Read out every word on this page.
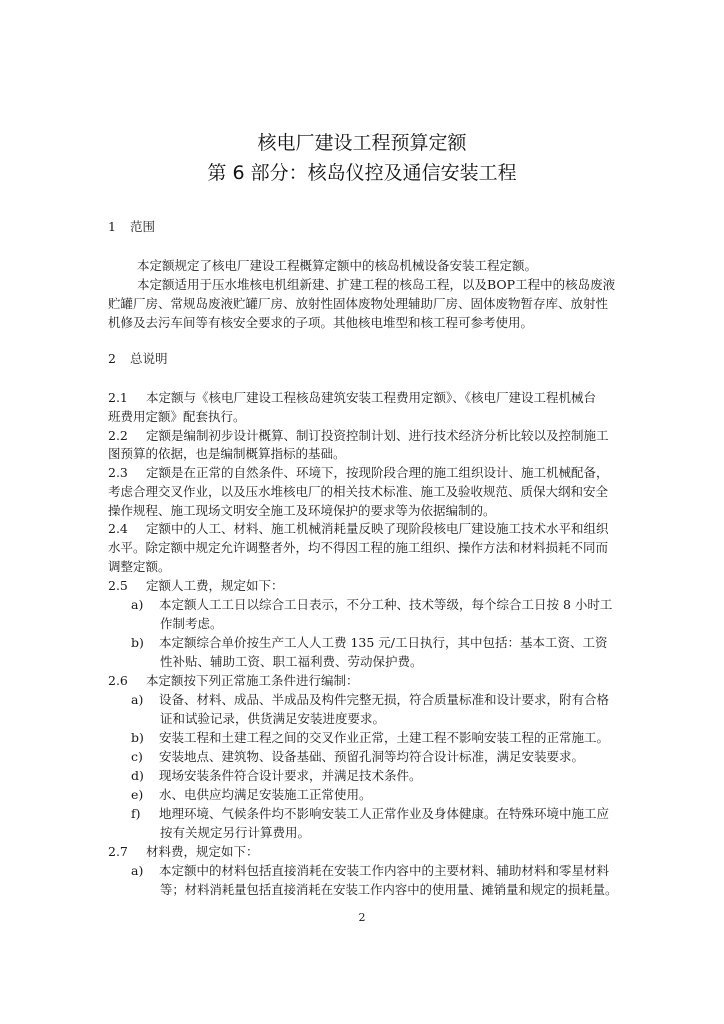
核电厂建设工程预算定额
第 6 部分：核岛仪控及通信安装工程
1 范围
本定额规定了核电厂建设工程概算定额中的核岛机械设备安装工程定额。
本定额适用于压水堆核电机组新建、扩建工程的核岛工程，以及BOP工程中的核岛废液
贮罐厂房、常规岛废液贮罐厂房、放射性固体废物处理辅助厂房、固体废物暂存库、放射性
机修及去污车间等有核安全要求的子项。其他核电堆型和核工程可参考使用。
2 总说明
2.1 本定额与《核电厂建设工程核岛建筑安装工程费用定额》、《核电厂建设工程机械台
班费用定额》配套执行。
2.2 定额是编制初步设计概算、制订投资控制计划、进行技术经济分析比较以及控制施工
图预算的依据，也是编制概算指标的基础。
2.3 定额是在正常的自然条件、环境下，按现阶段合理的施工组织设计、施工机械配备，
考虑合理交叉作业，以及压水堆核电厂的相关技术标准、施工及验收规范、质保大纲和安全
操作规程、施工现场文明安全施工及环境保护的要求等为依据编制的。
2.4 定额中的人工、材料、施工机械消耗量反映了现阶段核电厂建设施工技术水平和组织
水平。除定额中规定允许调整者外，均不得因工程的施工组织、操作方法和材料损耗不同而
调整定额。
2.5 定额人工费，规定如下：
a) 本定额人工工日以综合工日表示，不分工种、技术等级，每个综合工日按 8 小时工
作制考虑。
b) 本定额综合单价按生产工人人工费 135 元/工日执行，其中包括：基本工资、工资
性补贴、辅助工资、职工福利费、劳动保护费。
2.6 本定额按下列正常施工条件进行编制：
a) 设备、材料、成品、半成品及构件完整无损，符合质量标准和设计要求，附有合格
证和试验记录，供货满足安装进度要求。
b) 安装工程和土建工程之间的交叉作业正常，土建工程不影响安装工程的正常施工。
c) 安装地点、建筑物、设备基础、预留孔洞等均符合设计标准，满足安装要求。
d) 现场安装条件符合设计要求，并满足技术条件。
e) 水、电供应均满足安装施工正常使用。
f) 地理环境、气候条件均不影响安装工人正常作业及身体健康。在特殊环境中施工应
按有关规定另行计算费用。
2.7 材料费，规定如下：
a) 本定额中的材料包括直接消耗在安装工作内容中的主要材料、辅助材料和零星材料
等；材料消耗量包括直接消耗在安装工作内容中的使用量、摊销量和规定的损耗量。
2
